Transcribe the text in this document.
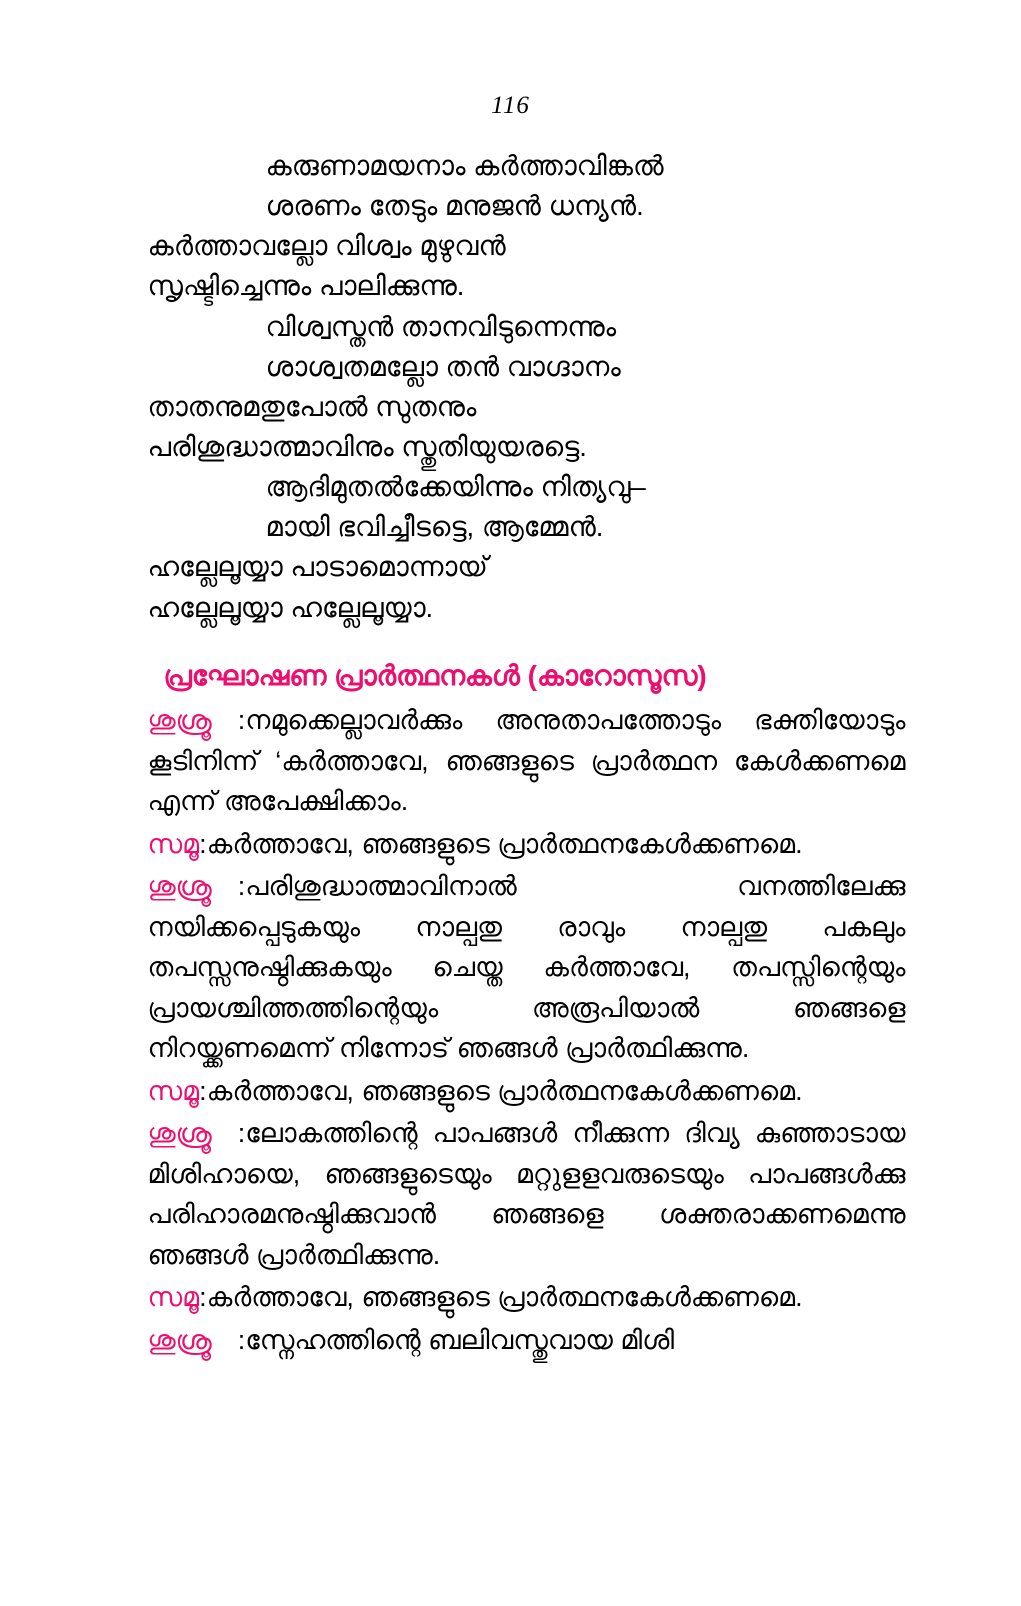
116
കരുണാമയനാം കർത്താവിങ്കൽ
ശരണം തേടും മനുജൻ ധന്യൻ.
കർത്താവല്ലോ വിശ്വം മുഴുവൻ
സൃഷ്ടിച്ചെന്നും പാലിക്കുന്നു.
വിശ്വസ്തൻ താനവിടുന്നെന്നും
ശാശ്വതമല്ലോ തൻ വാഗ്ദാനം
താതനുമതുപോൽ സുതനും
പരിശുദ്ധാത്മാവിനും സ്തുതിയുയരട്ടെ.
ആദിമുതൽക്കേയിന്നും നിത്യവു–
മായി ഭവിച്ചീടട്ടെ, ആമ്മേൻ.
ഹല്ലേലൂയ്യാ പാടാമൊന്നായ്
ഹല്ലേലൂയ്യാ ഹല്ലേലൂയ്യാ.
പ്രഘോഷണ പ്രാർത്ഥനകൾ (കാറോസൂസ)

ശുശ്രൂ :നമുക്കെല്ലാവർക്കും അനുതാപത്തോടും ഭക്തിയോടും കൂടിനിന്ന് ‘കർത്താവേ, ഞങ്ങളുടെ പ്രാർത്ഥന കേൾക്കണമെ എന്ന് അപേക്ഷിക്കാം.

സമൂ:കർത്താവേ, ഞങ്ങളുടെ പ്രാർത്ഥനകേൾക്കണമെ.

ശുശ്രൂ :പരിശുദ്ധാത്മാവിനാൽ വനത്തിലേക്കു നയിക്കപ്പെടുകയും നാല്പതു രാവും നാല്പതു പകലും തപസ്സനുഷ്ഠിക്കുകയും ചെയ്ത കർത്താവേ, തപസ്സിന്റെയും പ്രായശ്ചിത്തത്തിന്റെയും അരൂപിയാൽ ഞങ്ങളെ നിറയ്ക്കണമെന്ന് നിന്നോട് ഞങ്ങൾ പ്രാർത്ഥിക്കുന്നു.

സമൂ:കർത്താവേ, ഞങ്ങളുടെ പ്രാർത്ഥനകേൾക്കണമെ.

ശുശ്രൂ :ലോകത്തിന്റെ പാപങ്ങൾ നീക്കുന്ന ദിവ്യ കുഞ്ഞാടായ മിശിഹായെ, ഞങ്ങളുടെയും മറ്റുളളവരുടെയും പാപങ്ങൾക്കു പരിഹാരമനുഷ്ഠിക്കുവാൻ ഞങ്ങളെ ശക്തരാക്കണമെന്നു ഞങ്ങൾ പ്രാർത്ഥിക്കുന്നു.

സമൂ:കർത്താവേ, ഞങ്ങളുടെ പ്രാർത്ഥനകേൾക്കണമെ.

ശുശ്രൂ :സ്നേഹത്തിന്റെ ബലിവസ്തുവായ മിശി
